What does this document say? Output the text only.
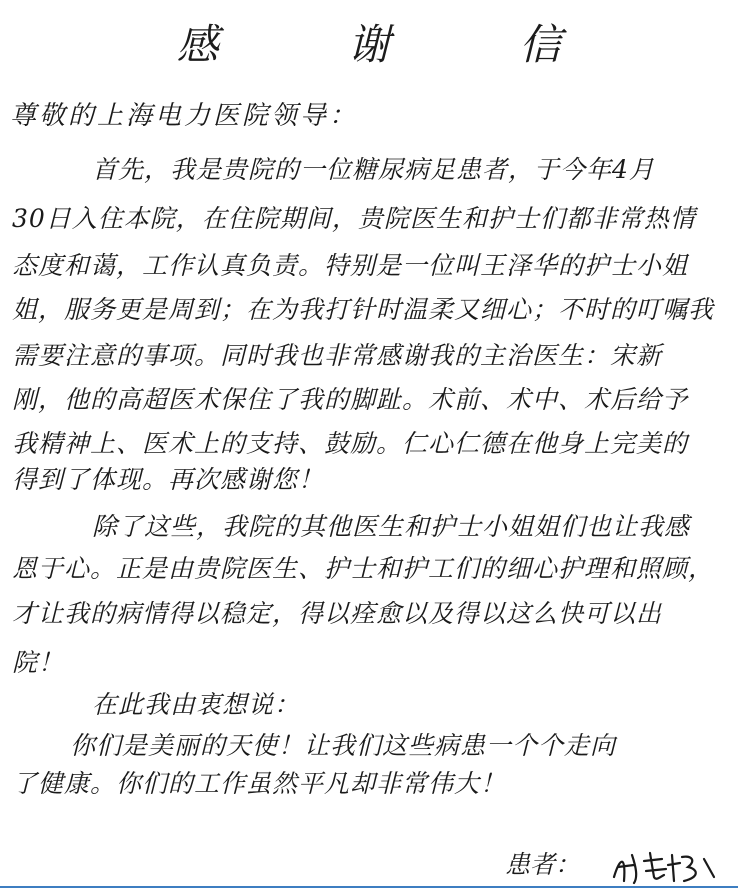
感 谢 信
尊敬的上海电力医院领导：
首先，我是贵院的一位糖尿病足患者，于今年4月
30日入住本院，在住院期间，贵院医生和护士们都非常热情
态度和蔼，工作认真负责。特别是一位叫王泽华的护士小姐
姐，服务更是周到；在为我打针时温柔又细心；不时的叮嘱我
需要注意的事项。同时我也非常感谢我的主治医生：宋新
刚，他的高超医术保住了我的脚趾。术前、术中、术后给予
我精神上、医术上的支持、鼓励。仁心仁德在他身上完美的
得到了体现。再次感谢您！
除了这些，我院的其他医生和护士小姐姐们也让我感
恩于心。正是由贵院医生、护士和护工们的细心护理和照顾，
才让我的病情得以稳定，得以痊愈以及得以这么快可以出
院！
在此我由衷想说：
你们是美丽的天使！让我们这些病患一个个走向
了健康。你们的工作虽然平凡却非常伟大！
患者：
